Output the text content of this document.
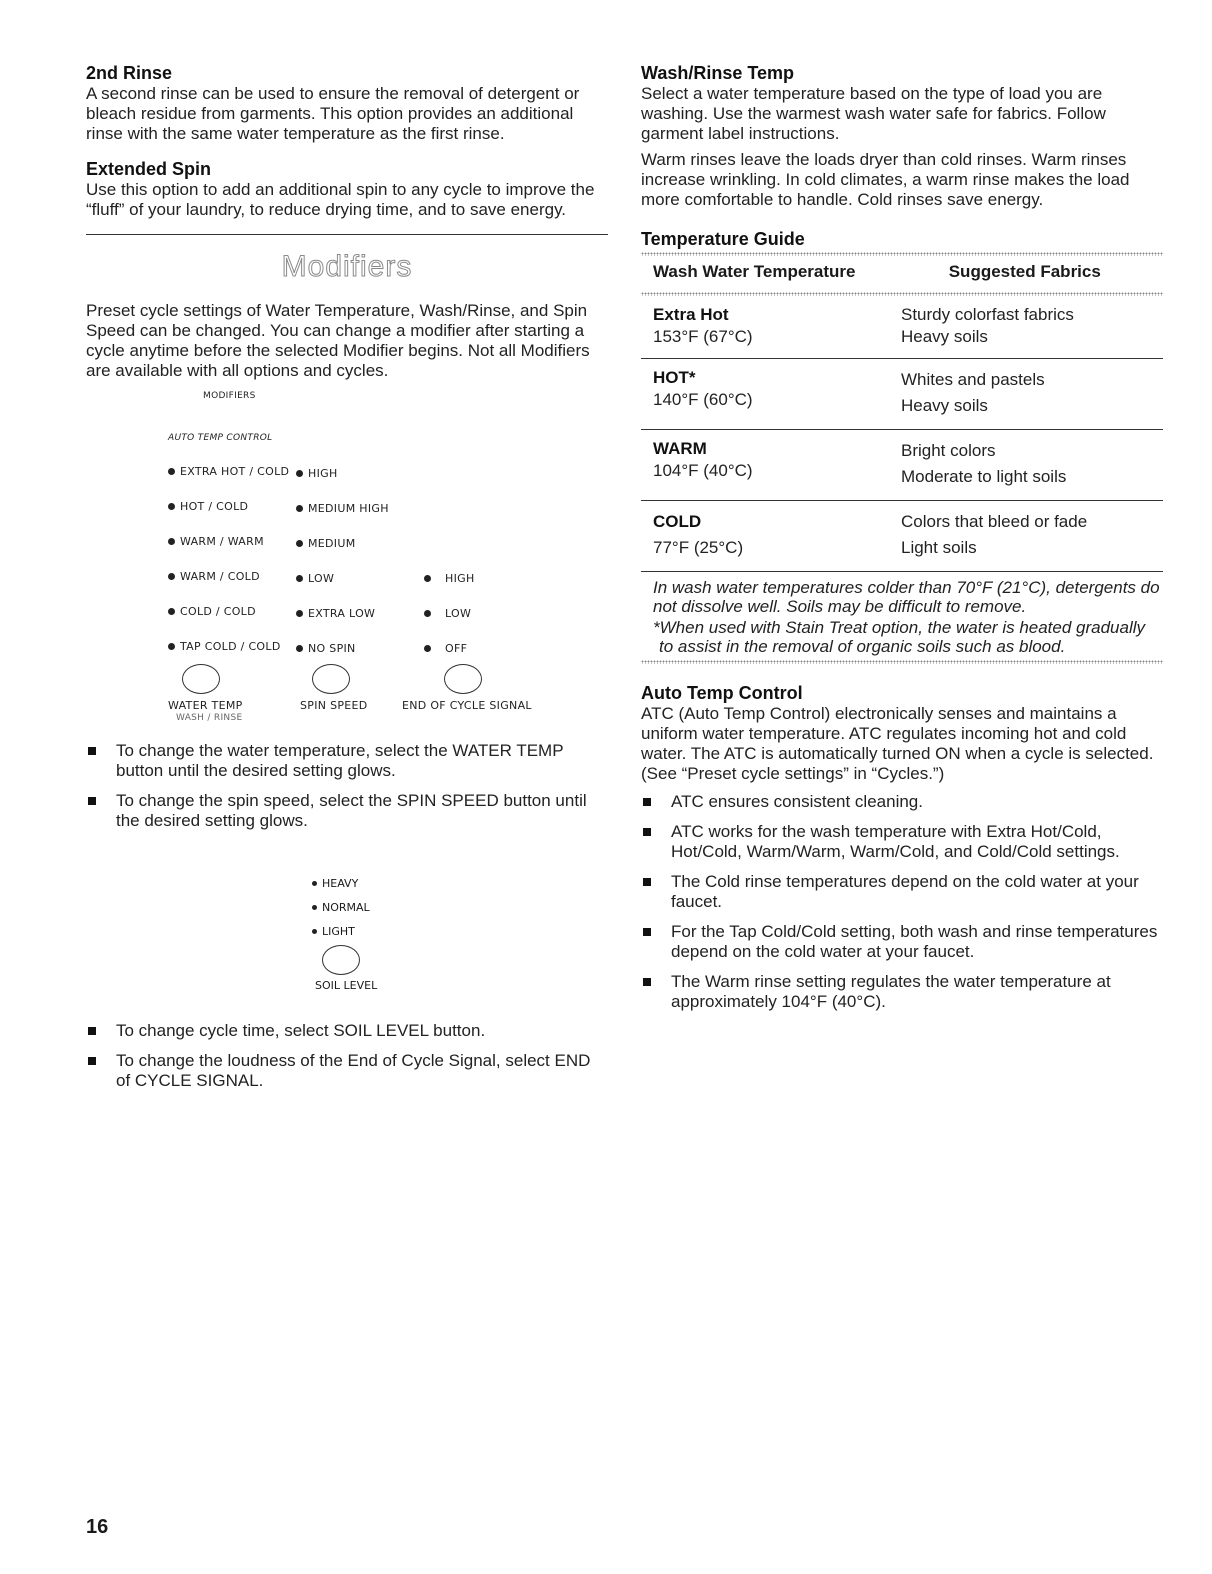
2nd Rinse

A second rinse can be used to ensure the removal of detergent or bleach residue from garments. This option provides an additional rinse with the same water temperature as the first rinse.

Extended Spin

Use this option to add an additional spin to any cycle to improve the “fluff” of your laundry, to reduce drying time, and to save energy.

Modifiers

Preset cycle settings of Water Temperature, Wash/Rinse, and Spin Speed can be changed. You can change a modifier after starting a cycle anytime before the selected Modifier begins. Not all Modifiers are available with all options and cycles.

MODIFIERS
AUTO TEMP CONTROL
EXTRA HOT / COLD
HOT / COLD
WARM / WARM
WARM / COLD
COLD / COLD
TAP COLD / COLD
HIGH
MEDIUM HIGH
MEDIUM
LOW
EXTRA LOW
NO SPIN
HIGH
LOW
OFF
WATER TEMP
WASH / RINSE
SPIN SPEED	END OF CYCLE SIGNAL
To change the water temperature, select the WATER TEMP button until the desired setting glows.
To change the spin speed, select the SPIN SPEED button until the desired setting glows.
HEAVY
NORMAL
LIGHT
SOIL LEVEL
To change cycle time, select SOIL LEVEL button.
To change the loudness of the End of Cycle Signal, select END of CYCLE SIGNAL.
Wash/Rinse Temp

Select a water temperature based on the type of load you are washing. Use the warmest wash water safe for fabrics. Follow garment label instructions.

Warm rinses leave the loads dryer than cold rinses. Warm rinses increase wrinkling. In cold climates, a warm rinse makes the load more comfortable to handle. Cold rinses save energy.

Temperature Guide
Wash Water Temperature	Suggested Fabrics
Extra Hot
153°F (67°C)	Sturdy colorfast fabrics
Heavy soils
HOT*
140°F (60°C)	Whites and pastels
Heavy soils
WARM
104°F (40°C)	Bright colors
Moderate to light soils
COLD
77°F (25°C)	Colors that bleed or fade
Light soils
In wash water temperatures colder than 70°F (21°C), detergents do not dissolve well. Soils may be difficult to remove.
*When used with Stain Treat option, the water is heated gradually to assist in the removal of organic soils such as blood.
Auto Temp Control

ATC (Auto Temp Control) electronically senses and maintains a uniform water temperature. ATC regulates incoming hot and cold water. The ATC is automatically turned ON when a cycle is selected. (See “Preset cycle settings” in “Cycles.”)

ATC ensures consistent cleaning.
ATC works for the wash temperature with Extra Hot/Cold, Hot/Cold, Warm/Warm, Warm/Cold, and Cold/Cold settings.
The Cold rinse temperatures depend on the cold water at your faucet.
For the Tap Cold/Cold setting, both wash and rinse temperatures depend on the cold water at your faucet.
The Warm rinse setting regulates the water temperature at approximately 104°F (40°C).
16
